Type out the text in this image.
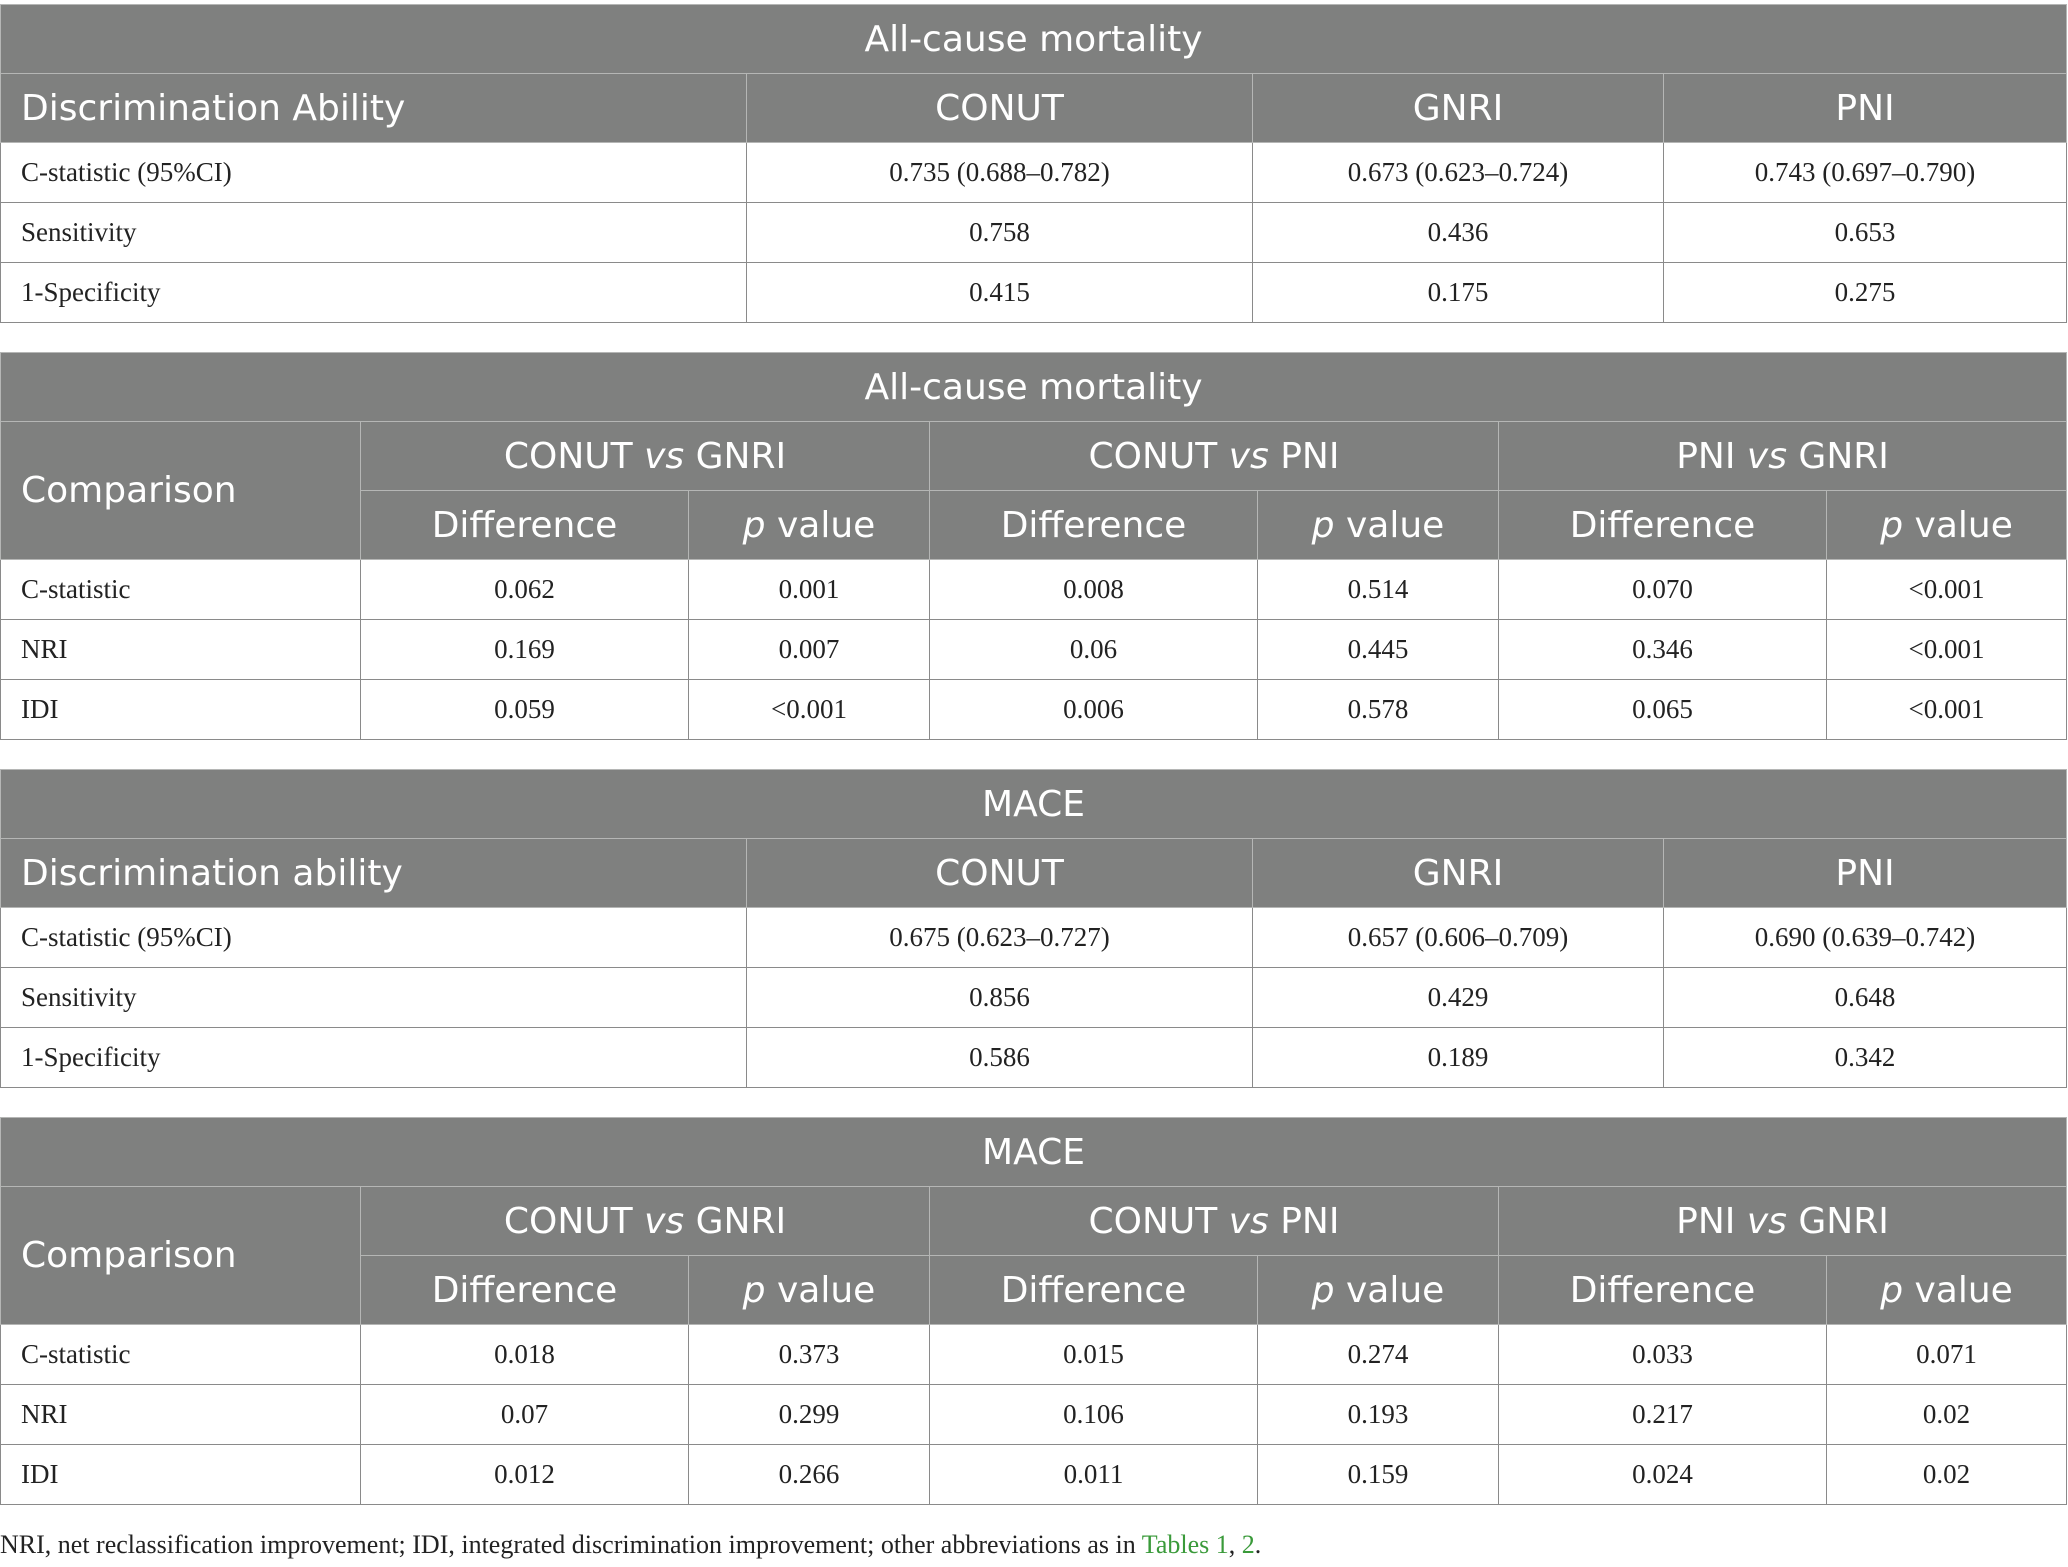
All-cause mortality			
Discrimination Ability	CONUT	GNRI	PNI
C-statistic (95%CI)	0.735 (0.688–0.782)	0.673 (0.623–0.724)	0.743 (0.697–0.790)
Sensitivity	0.758	0.436	0.653
1-Specificity	0.415	0.175	0.275
All-cause mortality						
Comparison	CONUT vs GNRI		CONUT vs PNI		PNI vs GNRI	
	Difference	p value	Difference	p value	Difference	p value
C-statistic	0.062	0.001	0.008	0.514	0.070	<0.001
NRI	0.169	0.007	0.06	0.445	0.346	<0.001
IDI	0.059	<0.001	0.006	0.578	0.065	<0.001
MACE			
Discrimination ability	CONUT	GNRI	PNI
C-statistic (95%CI)	0.675 (0.623–0.727)	0.657 (0.606–0.709)	0.690 (0.639–0.742)
Sensitivity	0.856	0.429	0.648
1-Specificity	0.586	0.189	0.342
MACE						
Comparison	CONUT vs GNRI		CONUT vs PNI		PNI vs GNRI	
	Difference	p value	Difference	p value	Difference	p value
C-statistic	0.018	0.373	0.015	0.274	0.033	0.071
NRI	0.07	0.299	0.106	0.193	0.217	0.02
IDI	0.012	0.266	0.011	0.159	0.024	0.02
NRI, net reclassification improvement; IDI, integrated discrimination improvement; other abbreviations as in Tables 1, 2.
